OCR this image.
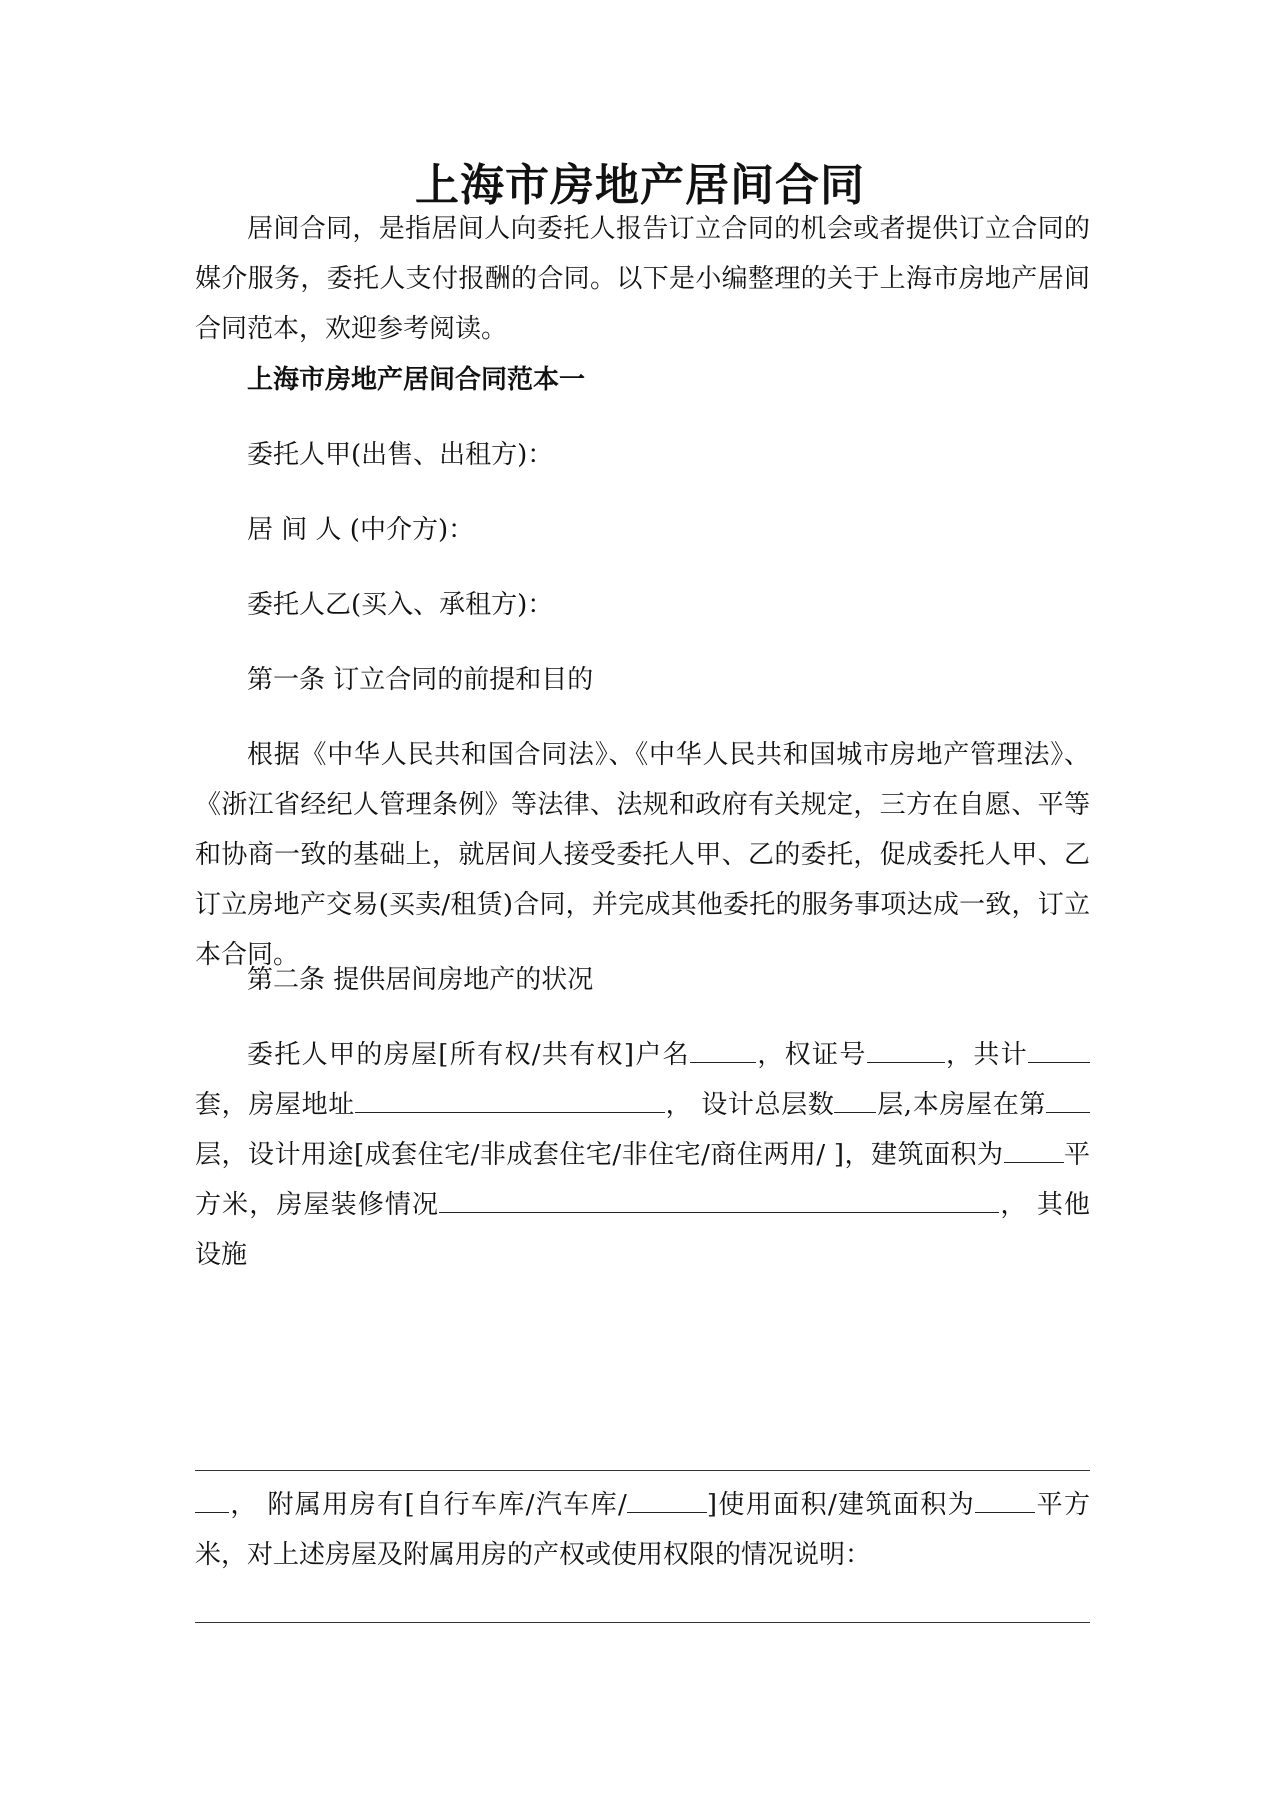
上海市房地产居间合同
居间合同，是指居间人向委托人报告订立合同的机会或者提供订立合同的媒介服务，委托人支付报酬的合同。以下是小编整理的关于上海市房地产居间合同范本，欢迎参考阅读。
上海市房地产居间合同范本一
委托人甲(出售、出租方)：
居 间 人 (中介方)：
委托人乙(买入、承租方)：
第一条 订立合同的前提和目的
根据《中华人民共和国合同法》、《中华人民共和国城市房地产管理法》、《浙江省经纪人管理条例》等法律、法规和政府有关规定，三方在自愿、平等和协商一致的基础上，就居间人接受委托人甲、乙的委托，促成委托人甲、乙订立房地产交易(买卖/租赁)合同，并完成其他委托的服务事项达成一致，订立本合同。
第二条 提供居间房地产的状况
委托人甲的房屋[所有权/共有权]户名	，权证号	，共计套，房屋地址	， 设计总层数 层,本房屋在第层，设计用途[成套住宅/非成套住宅/非住宅/商住两用/ ]，建筑面积为 平方米，房屋装修情况	， 其他设施
， 附属用房有[自行车库/汽车库/	]使用面积/建筑面积为 平方米，对上述房屋及附属用房的产权或使用权限的情况说明：
